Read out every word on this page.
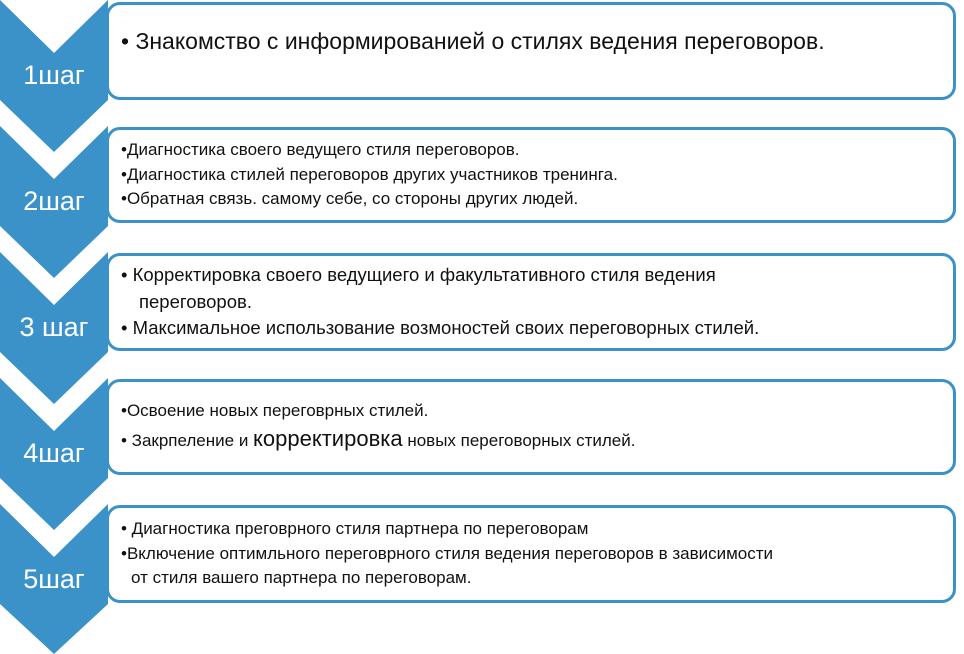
1шаг
2шаг
3 шаг
4шаг
5шаг
• Знакомство с информированией о стилях ведения переговоров.
•Диагностика своего ведущего стиля переговоров.
•Диагностика стилей переговоров других участников тренинга.
•Обратная связь. самому себе, со стороны других людей.
• Корректировка своего ведущиего и факультативного стиля ведения
переговоров.
• Максимальное использование возмоностей своих переговорных стилей.
•Освоение новых переговрных стилей.
• Закрпеление и корректировка новых переговорных стилей.
• Диагностика преговрного стиля партнера по переговорам
•Включение оптимльного переговрного стиля ведения переговоров в зависимости
от стиля вашего партнера по переговорам.
